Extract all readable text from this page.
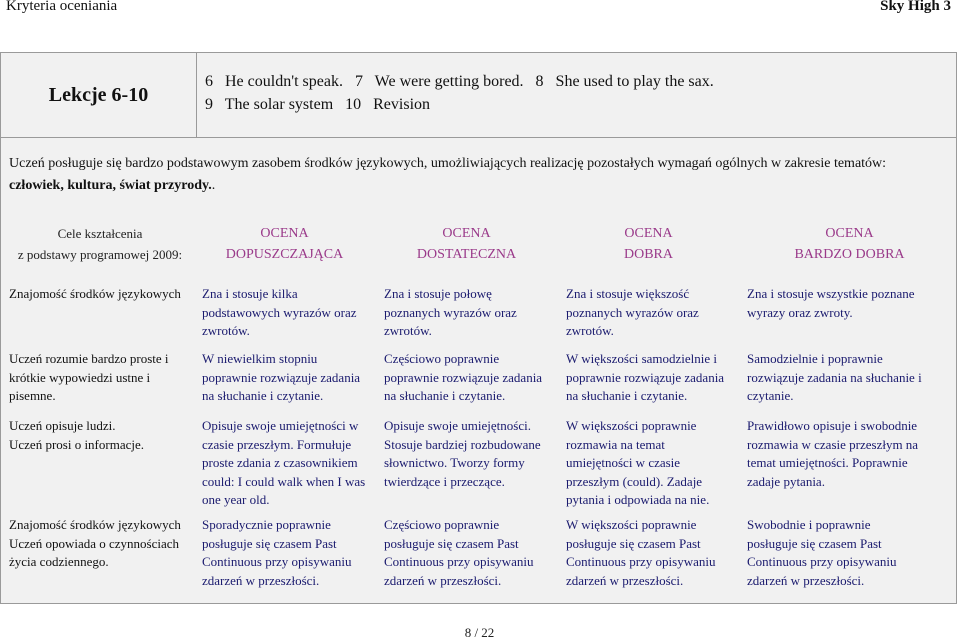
Kryteria oceniania	Sky High 3
Lekcje 6-10
6   He couldn't speak.   7   We were getting bored.   8   She used to play the sax.
9   The solar system   10   Revision
Uczeń posługuje się bardzo podstawowym zasobem środków językowych, umożliwiających realizację pozostałych wymagań ogólnych w zakresie tematów:
człowiek, kultura, świat przyrody..
Cele kształcenia
z podstawy programowej 2009:
OCENA
DOPUSZCZAJĄCA
OCENA
DOSTATECZNA
OCENA
DOBRA
OCENA
BARDZO DOBRA
Znajomość środków językowych	Zna i stosuje kilka
podstawowych wyrazów oraz
zwrotów.
Zna i stosuje połowę
poznanych wyrazów oraz
zwrotów.
Zna i stosuje większość
poznanych wyrazów oraz
zwrotów.
Zna i stosuje wszystkie poznane
wyrazy oraz zwroty.
Uczeń rozumie bardzo proste i
krótkie wypowiedzi ustne i
pisemne.
W niewielkim stopniu
poprawnie rozwiązuje zadania
na słuchanie i czytanie.
Częściowo poprawnie
poprawnie rozwiązuje zadania
na słuchanie i czytanie.
W większości samodzielnie i
poprawnie rozwiązuje zadania
na słuchanie i czytanie.
Samodzielnie i poprawnie
rozwiązuje zadania na słuchanie i
czytanie.
Uczeń opisuje ludzi.
Uczeń prosi o informacje.
Opisuje swoje umiejętności w
czasie przeszłym. Formułuje
proste zdania z czasownikiem
could: I could walk when I was
one year old.
Opisuje swoje umiejętności.
Stosuje bardziej rozbudowane
słownictwo. Tworzy formy
twierdzące i przeczące.
W większości poprawnie
rozmawia na temat
umiejętności w czasie
przeszłym (could). Zadaje
pytania i odpowiada na nie.
Prawidłowo opisuje i swobodnie
rozmawia w czasie przeszłym na
temat umiejętności. Poprawnie
zadaje pytania.
Znajomość środków językowych
Uczeń opowiada o czynnościach
życia codziennego.
Sporadycznie poprawnie
posługuje się czasem Past
Continuous przy opisywaniu
zdarzeń w przeszłości.
Częściowo poprawnie
posługuje się czasem Past
Continuous przy opisywaniu
zdarzeń w przeszłości.
W większości poprawnie
posługuje się czasem Past
Continuous przy opisywaniu
zdarzeń w przeszłości.
Swobodnie i poprawnie
posługuje się czasem Past
Continuous przy opisywaniu
zdarzeń w przeszłości.
8 / 22
